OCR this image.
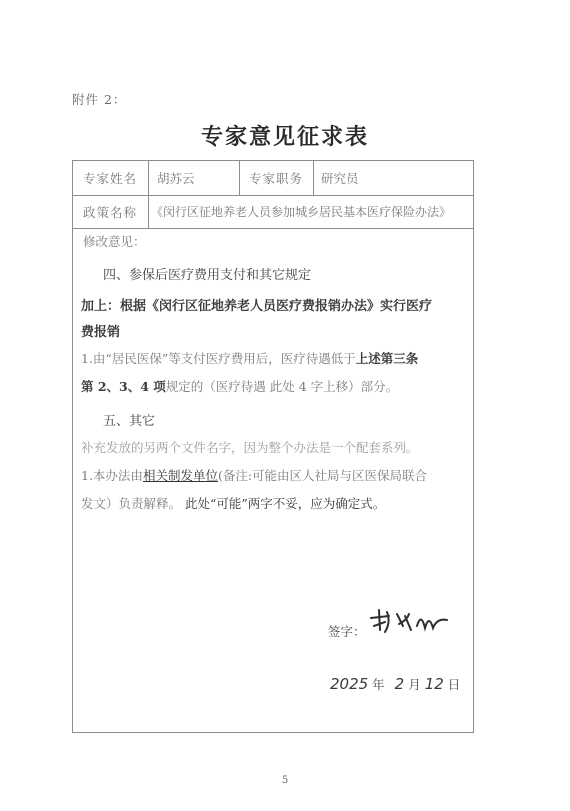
附件 2：
专家意见征求表
专家姓名 胡苏云	专家职务 研究员
政策名称 《闵行区征地养老人员参加城乡居民基本医疗保险办法》
修改意见：
四、参保后医疗费用支付和其它规定
加上：根据《闵行区征地养老人员医疗费报销办法》实行医疗
费报销
1.由“居民医保”等支付医疗费用后，医疗待遇低于上述第三条
第 2、3、4 项规定的（医疗待遇 此处 4 字上移）部分。
五、其它
补充发放的另两个文件名字，因为整个办法是一个配套系列。
1.本办法由相关制发单位(备注:可能由区人社局与区医保局联合
发文）负责解释。 此处“可能”两字不妥，应为确定式。
签字：
2025 年 2 月 12 日
5
